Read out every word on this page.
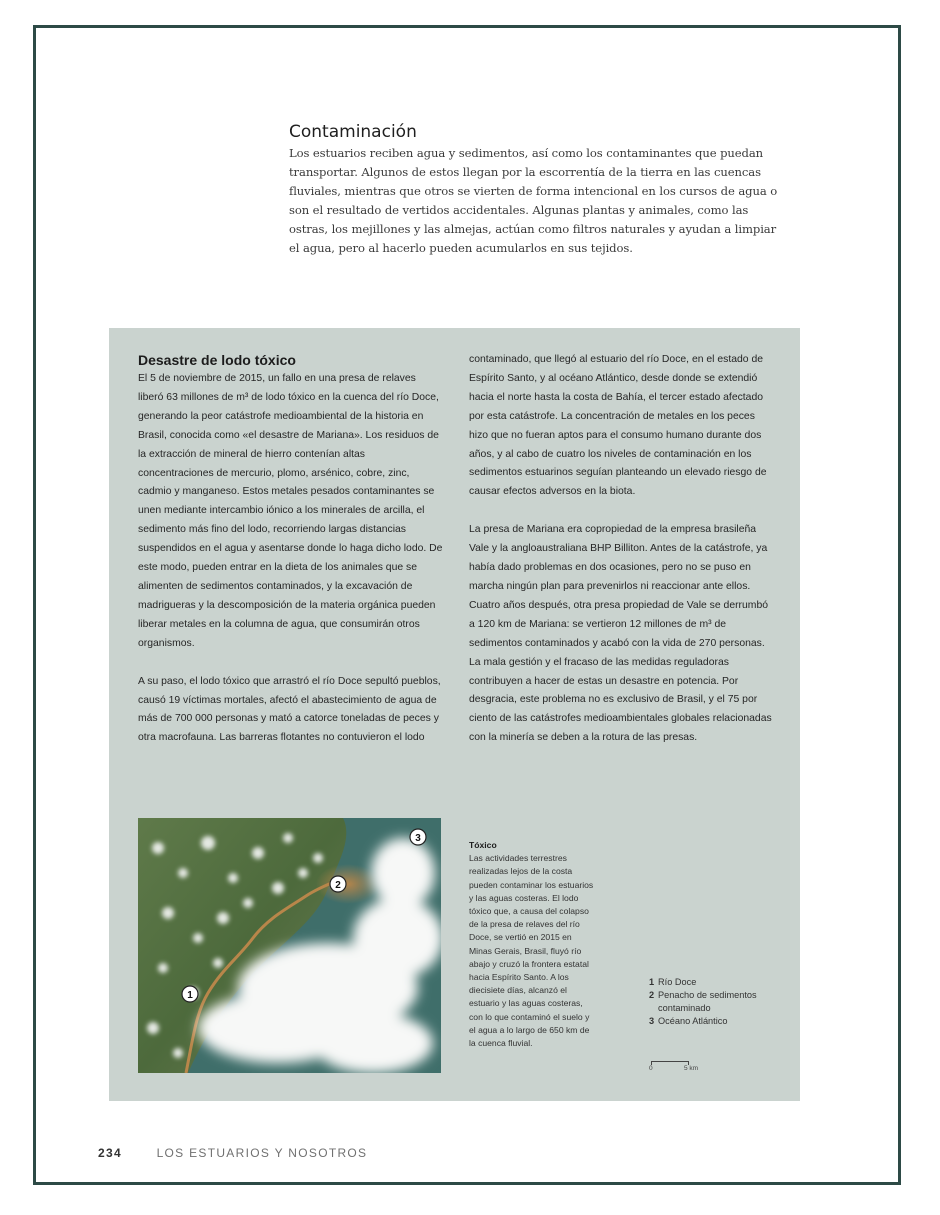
Contaminación

Los estuarios reciben agua y sedimentos, así como los contaminantes que puedan transportar. Algunos de estos llegan por la escorrentía de la tierra en las cuencas fluviales, mientras que otros se vierten de forma intencional en los cursos de agua o son el resultado de vertidos accidentales. Algunas plantas y animales, como las ostras, los mejillones y las almejas, actúan como filtros naturales y ayudan a limpiar el agua, pero al hacerlo pueden acumularlos en sus tejidos.

Desastre de lodo tóxico

El 5 de noviembre de 2015, un fallo en una presa de relaves liberó 63 millones de m³ de lodo tóxico en la cuenca del río Doce, generando la peor catástrofe medioambiental de la historia en Brasil, conocida como «el desastre de Mariana». Los residuos de la extracción de mineral de hierro contenían altas concentraciones de mercurio, plomo, arsénico, cobre, zinc, cadmio y manganeso. Estos metales pesados contaminantes se unen mediante intercambio iónico a los minerales de arcilla, el sedimento más fino del lodo, recorriendo largas distancias suspendidos en el agua y asentarse donde lo haga dicho lodo. De este modo, pueden entrar en la dieta de los animales que se alimenten de sedimentos contaminados, y la excavación de madrigueras y la descomposición de la materia orgánica pueden liberar metales en la columna de agua, que consumirán otros organismos.

A su paso, el lodo tóxico que arrastró el río Doce sepultó pueblos, causó 19 víctimas mortales, afectó el abastecimiento de agua de más de 700 000 personas y mató a catorce toneladas de peces y otra macrofauna. Las barreras flotantes no contuvieron el lodo

contaminado, que llegó al estuario del río Doce, en el estado de Espírito Santo, y al océano Atlántico, desde donde se extendió hacia el norte hasta la costa de Bahía, el tercer estado afectado por esta catástrofe. La concentración de metales en los peces hizo que no fueran aptos para el consumo humano durante dos años, y al cabo de cuatro los niveles de contaminación en los sedimentos estuarinos seguían planteando un elevado riesgo de causar efectos adversos en la biota.

La presa de Mariana era copropiedad de la empresa brasileña Vale y la angloaustraliana BHP Billiton. Antes de la catástrofe, ya había dado problemas en dos ocasiones, pero no se puso en marcha ningún plan para prevenirlos ni reaccionar ante ellos. Cuatro años después, otra presa propiedad de Vale se derrumbó a 120 km de Mariana: se vertieron 12 millones de m³ de sedimentos contaminados y acabó con la vida de 270 personas. La mala gestión y el fracaso de las medidas reguladoras contribuyen a hacer de estas un desastre en potencia. Por desgracia, este problema no es exclusivo de Brasil, y el 75 por ciento de las catástrofes medioambientales globales relacionadas con la minería se deben a la rotura de las presas.

1
2
3
Tóxico
Las actividades terrestres realizadas lejos de la costa pueden contaminar los estuarios y las aguas costeras. El lodo tóxico que, a causa del colapso de la presa de relaves del río Doce, se vertió en 2015 en Minas Gerais, Brasil, fluyó río abajo y cruzó la frontera estatal hacia Espírito Santo. A los diecisiete días, alcanzó el estuario y las aguas costeras, con lo que contaminó el suelo y el agua a lo largo de 650 km de la cuenca fluvial.
1 Río Doce
2 Penacho de sedimentos contaminado
3 Océano Atlántico
0	5 km
234	LOS ESTUARIOS Y NOSOTROS
